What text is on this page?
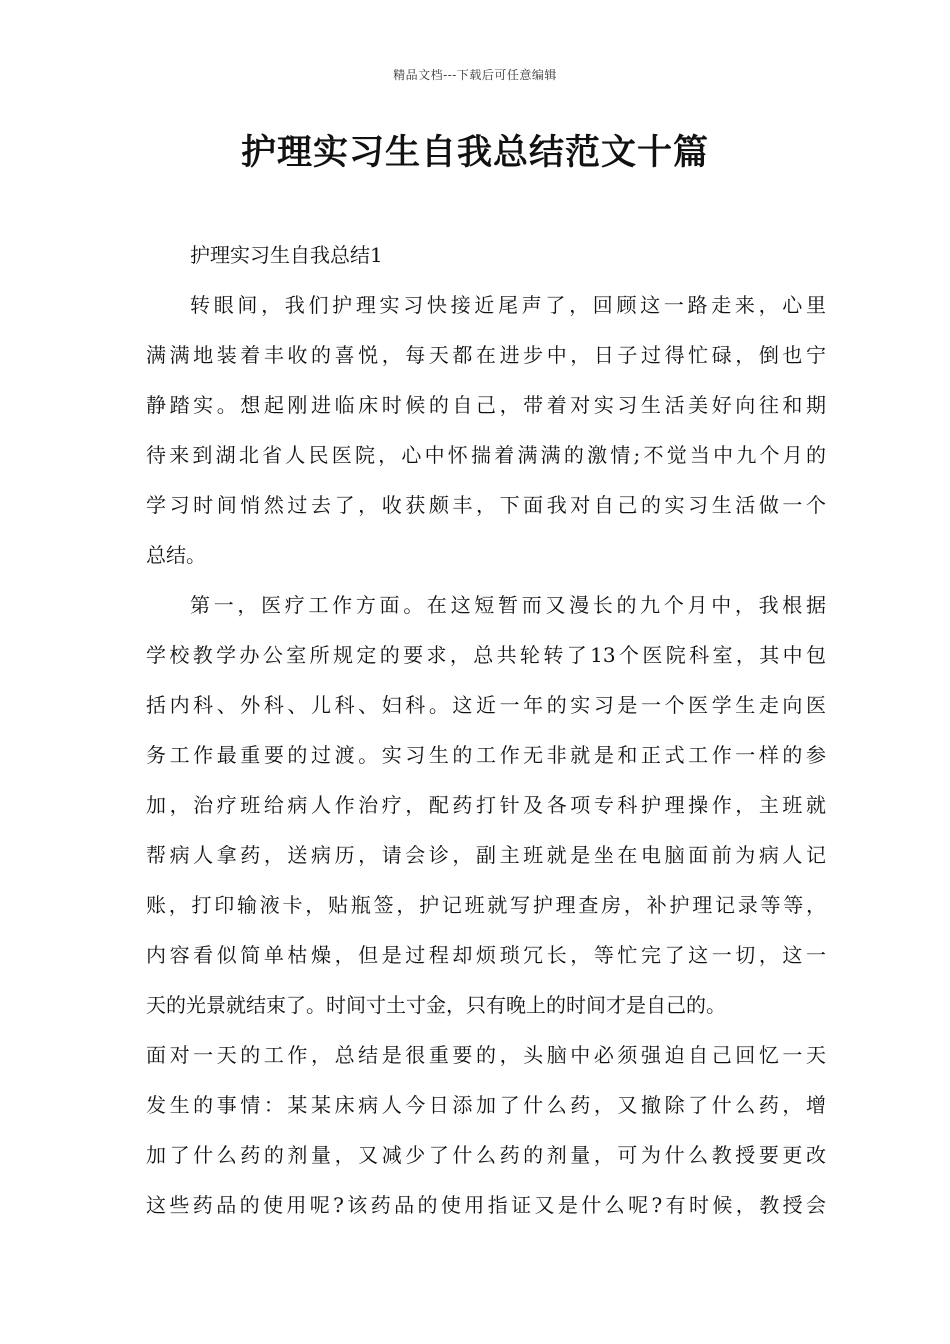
精品文档---下载后可任意编辑
护理实习生自我总结范文十篇

护理实习生自我总结1

转眼间，我们护理实习快接近尾声了，回顾这一路走来，心里
满满地装着丰收的喜悦，每天都在进步中，日子过得忙碌，倒也宁
静踏实。想起刚进临床时候的自己，带着对实习生活美好向往和期
待来到湖北省人民医院，心中怀揣着满满的激情;不觉当中九个月的
学习时间悄然过去了，收获颇丰，下面我对自己的实习生活做一个
总结。

第一，医疗工作方面。在这短暂而又漫长的九个月中，我根据
学校教学办公室所规定的要求，总共轮转了13个医院科室，其中包
括内科、外科、儿科、妇科。这近一年的实习是一个医学生走向医
务工作最重要的过渡。实习生的工作无非就是和正式工作一样的参
加，治疗班给病人作治疗，配药打针及各项专科护理操作，主班就
帮病人拿药，送病历，请会诊，副主班就是坐在电脑面前为病人记
账，打印输液卡，贴瓶签，护记班就写护理查房，补护理记录等等，
内容看似简单枯燥，但是过程却烦琐冗长，等忙完了这一切，这一
天的光景就结束了。时间寸土寸金，只有晚上的时间才是自己的。
面对一天的工作，总结是很重要的，头脑中必须强迫自己回忆一天
发生的事情：某某床病人今日添加了什么药，又撤除了什么药，增
加了什么药的剂量，又减少了什么药的剂量，可为什么教授要更改
这些药品的使用呢?该药品的使用指证又是什么呢?有时候，教授会
